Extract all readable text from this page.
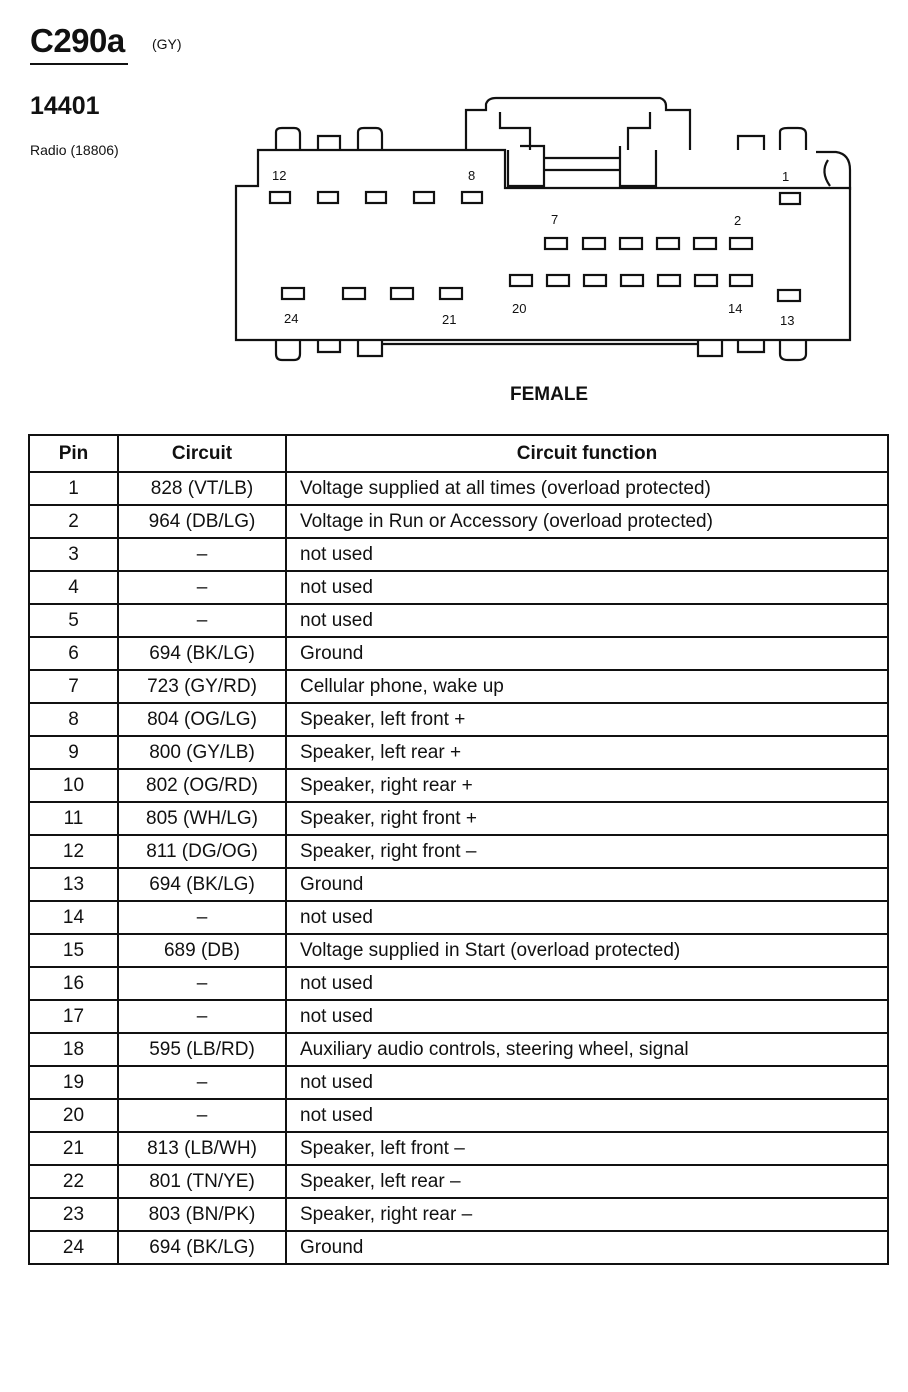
C290a (GY)
14401
Radio (18806)
12	8	1
7	2
24	21
20	14
13
FEMALE
Pin	Circuit	Circuit function
1	828 (VT/LB)	Voltage supplied at all times (overload protected)
2	964 (DB/LG)	Voltage in Run or Accessory (overload protected)
3	–	not used
4	–	not used
5	–	not used
6	694 (BK/LG)	Ground
7	723 (GY/RD)	Cellular phone, wake up
8	804 (OG/LG)	Speaker, left front +
9	800 (GY/LB)	Speaker, left rear +
10	802 (OG/RD)	Speaker, right rear +
11	805 (WH/LG)	Speaker, right front +
12	811 (DG/OG)	Speaker, right front –
13	694 (BK/LG)	Ground
14	–	not used
15	689 (DB)	Voltage supplied in Start (overload protected)
16	–	not used
17	–	not used
18	595 (LB/RD)	Auxiliary audio controls, steering wheel, signal
19	–	not used
20	–	not used
21	813 (LB/WH)	Speaker, left front –
22	801 (TN/YE)	Speaker, left rear –
23	803 (BN/PK)	Speaker, right rear –
24	694 (BK/LG)	Ground
